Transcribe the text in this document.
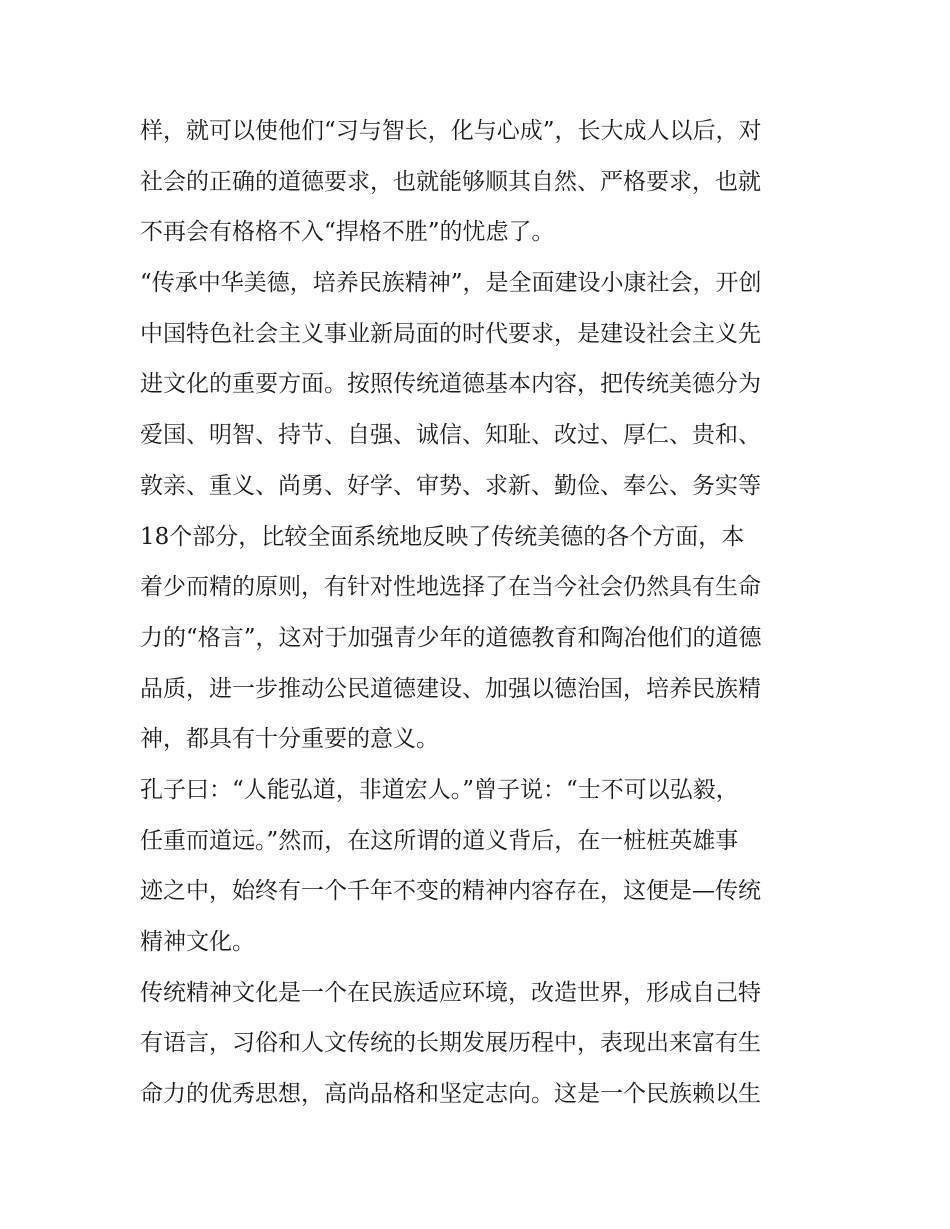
样，就可以使他们“习与智长，化与心成”，长大成人以后，对
社会的正确的道德要求，也就能够顺其自然、严格要求，也就
不再会有格格不入“捍格不胜”的忧虑了。
“传承中华美德，培养民族精神”，是全面建设小康社会，开创
中国特色社会主义事业新局面的时代要求，是建设社会主义先
进文化的重要方面。按照传统道德基本内容，把传统美德分为
爱国、明智、持节、自强、诚信、知耻、改过、厚仁、贵和、
敦亲、重义、尚勇、好学、审势、求新、勤俭、奉公、务实等
18个部分，比较全面系统地反映了传统美德的各个方面，本
着少而精的原则，有针对性地选择了在当今社会仍然具有生命
力的“格言”，这对于加强青少年的道德教育和陶冶他们的道德
品质，进一步推动公民道德建设、加强以德治国，培养民族精
神，都具有十分重要的意义。
孔子曰：“人能弘道，非道宏人。”曾子说：“士不可以弘毅，
任重而道远。”然而，在这所谓的道义背后，在一桩桩英雄事
迹之中，始终有一个千年不变的精神内容存在，这便是—传统
精神文化。
传统精神文化是一个在民族适应环境，改造世界，形成自己特
有语言，习俗和人文传统的长期发展历程中，表现出来富有生
命力的优秀思想，高尚品格和坚定志向。这是一个民族赖以生
